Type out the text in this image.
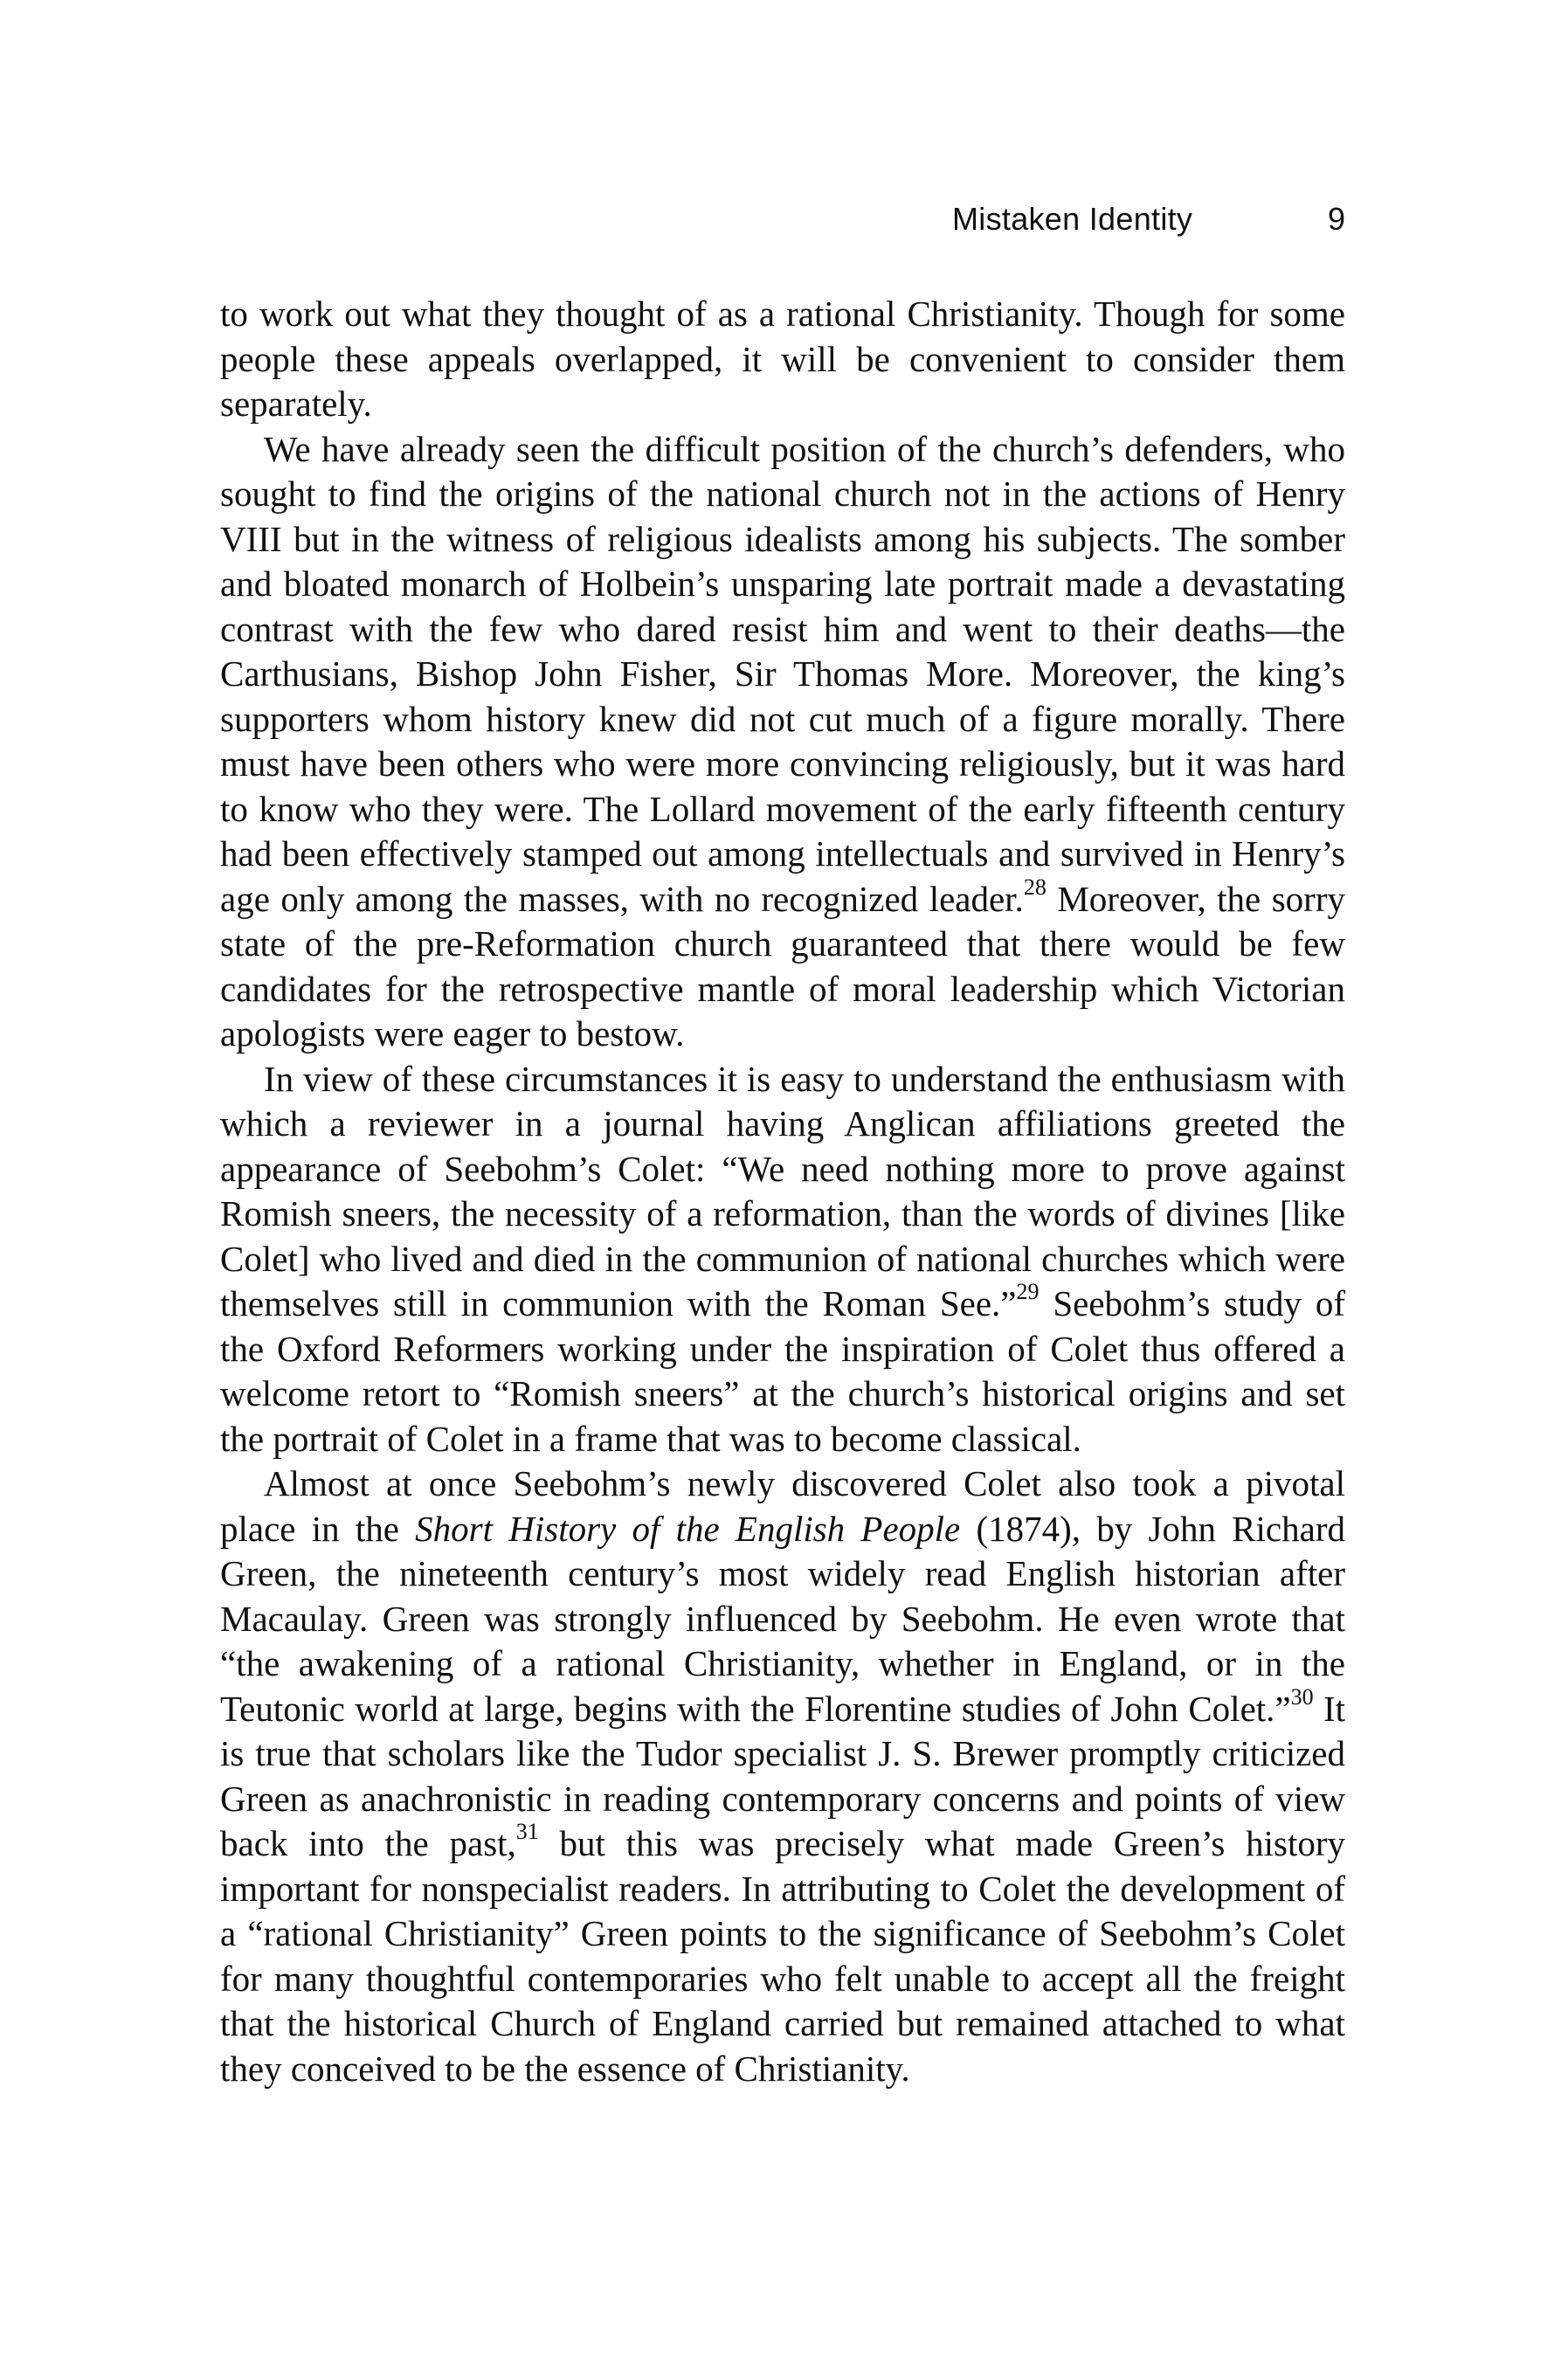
Mistaken Identity	9

to work out what they thought of as a rational Christianity. Though for some people these appeals overlapped, it will be convenient to consider them separately.

We have already seen the difficult position of the church’s defenders, who sought to find the origins of the national church not in the actions of Henry VIII but in the witness of religious idealists among his subjects. The somber and bloated monarch of Holbein’s unsparing late portrait made a devastating contrast with the few who dared resist him and went to their deaths—the Carthusians, Bishop John Fisher, Sir Thomas More. Moreover, the king’s supporters whom history knew did not cut much of a figure morally. There must have been others who were more convincing religiously, but it was hard to know who they were. The Lollard movement of the early fifteenth century had been effectively stamped out among intellectuals and survived in Henry’s age only among the masses, with no recognized leader.$^{28}$ Moreover, the sorry state of the pre-Reformation church guaranteed that there would be few candidates for the retrospective mantle of moral leadership which Victorian apologists were eager to bestow.

In view of these circumstances it is easy to understand the enthusiasm with which a reviewer in a journal having Anglican affiliations greeted the appearance of Seebohm’s Colet: “We need nothing more to prove against Romish sneers, the necessity of a reformation, than the words of divines [like Colet] who lived and died in the communion of national churches which were themselves still in communion with the Roman See.”$^{29}$ Seebohm’s study of the Oxford Reformers working under the inspiration of Colet thus offered a welcome retort to “Romish sneers” at the church’s historical origins and set the portrait of Colet in a frame that was to become classical.

Almost at once Seebohm’s newly discovered Colet also took a pivotal place in the Short History of the English People (1874), by John Richard Green, the nineteenth century’s most widely read English historian after Macaulay. Green was strongly influenced by Seebohm. He even wrote that “the awakening of a rational Christianity, whether in England, or in the Teutonic world at large, begins with the Florentine studies of John Colet.”$^{30}$ It is true that scholars like the Tudor specialist J. S. Brewer promptly criticized Green as anachronistic in reading contemporary concerns and points of view back into the past,$^{31}$ but this was precisely what made Green’s history important for nonspecialist readers. In attributing to Colet the development of a “rational Christianity” Green points to the significance of Seebohm’s Colet for many thoughtful contemporaries who felt unable to accept all the freight that the historical Church of England carried but remained attached to what they conceived to be the essence of Christianity.
